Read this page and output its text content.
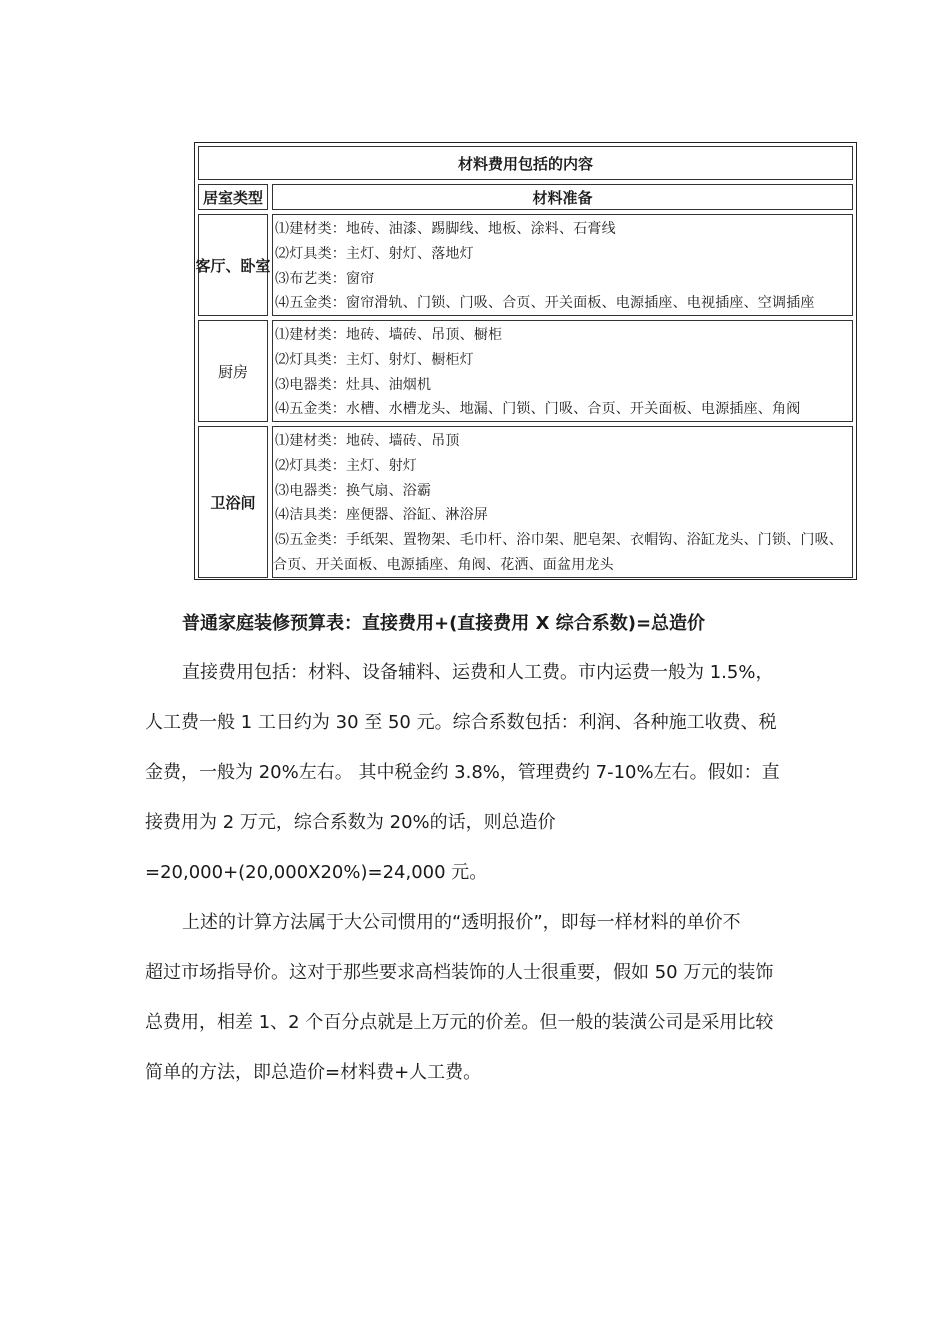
材料费用包括的内容
居室类型	材料准备
客厅、卧室
⑴建材类：地砖、油漆、踢脚线、地板、涂料、石膏线
⑵灯具类：主灯、射灯、落地灯
⑶布艺类：窗帘
⑷五金类：窗帘滑轨、门锁、门吸、合页、开关面板、电源插座、电视插座、空调插座
厨房
⑴建材类：地砖、墙砖、吊顶、橱柜
⑵灯具类：主灯、射灯、橱柜灯
⑶电器类：灶具、油烟机
⑷五金类：水槽、水槽龙头、地漏、门锁、门吸、合页、开关面板、电源插座、角阀
卫浴间
⑴建材类：地砖、墙砖、吊顶
⑵灯具类：主灯、射灯
⑶电器类：换气扇、浴霸
⑷洁具类：座便器、浴缸、淋浴屏
⑸五金类：手纸架、置物架、毛巾杆、浴巾架、肥皂架、衣帽钩、浴缸龙头、门锁、门吸、
合页、开关面板、电源插座、角阀、花洒、面盆用龙头
普通家庭装修预算表：直接费用+(直接费用 X 综合系数)=总造价
直接费用包括：材料、设备辅料、运费和人工费。市内运费一般为 1.5%，
人工费一般 1 工日约为 30 至 50 元。综合系数包括：利润、各种施工收费、税
金费，一般为 20%左右。 其中税金约 3.8%，管理费约 7-10%左右。假如：直
接费用为 2 万元，综合系数为 20%的话，则总造价
=20,000+(20,000X20%)=24,000 元。
上述的计算方法属于大公司惯用的“透明报价”，即每一样材料的单价不
超过市场指导价。这对于那些要求高档装饰的人士很重要，假如 50 万元的装饰
总费用，相差 1、2 个百分点就是上万元的价差。但一般的装潢公司是采用比较
简单的方法，即总造价=材料费+人工费。
